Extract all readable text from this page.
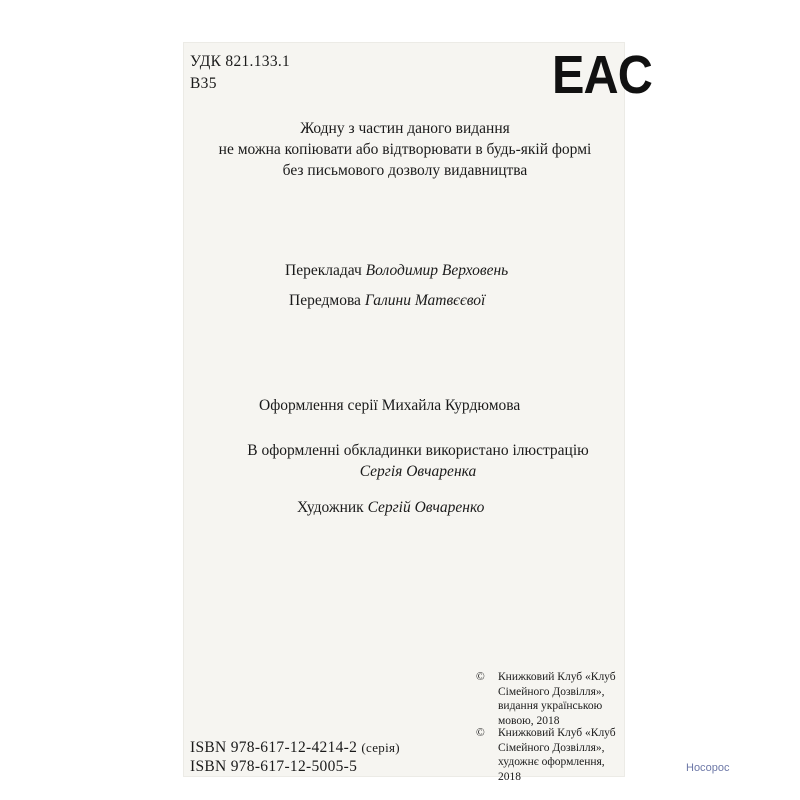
УДК 821.133.1
В35	EAC
Жодну з частин даного видання
не можна копіювати або відтворювати в будь-якій формі
без письмового дозволу видавництва
Перекладач Володимир Верховень
Передмова Галини Матвєєвої
Оформлення серії Михайла Курдюмова
В оформленні обкладинки використано ілюстрацію
Сергія Овчаренка
Художник Сергій Овчаренко
© Книжковий Клуб «Клуб
Сімейного Дозвілля»,
видання українською
мовою, 2018
© Книжковий Клуб «Клуб
Сімейного Дозвілля»,
художнє оформлення,
2018
ISBN 978-617-12-4214-2 (серія)
ISBN 978-617-12-5005-5	Носорос
